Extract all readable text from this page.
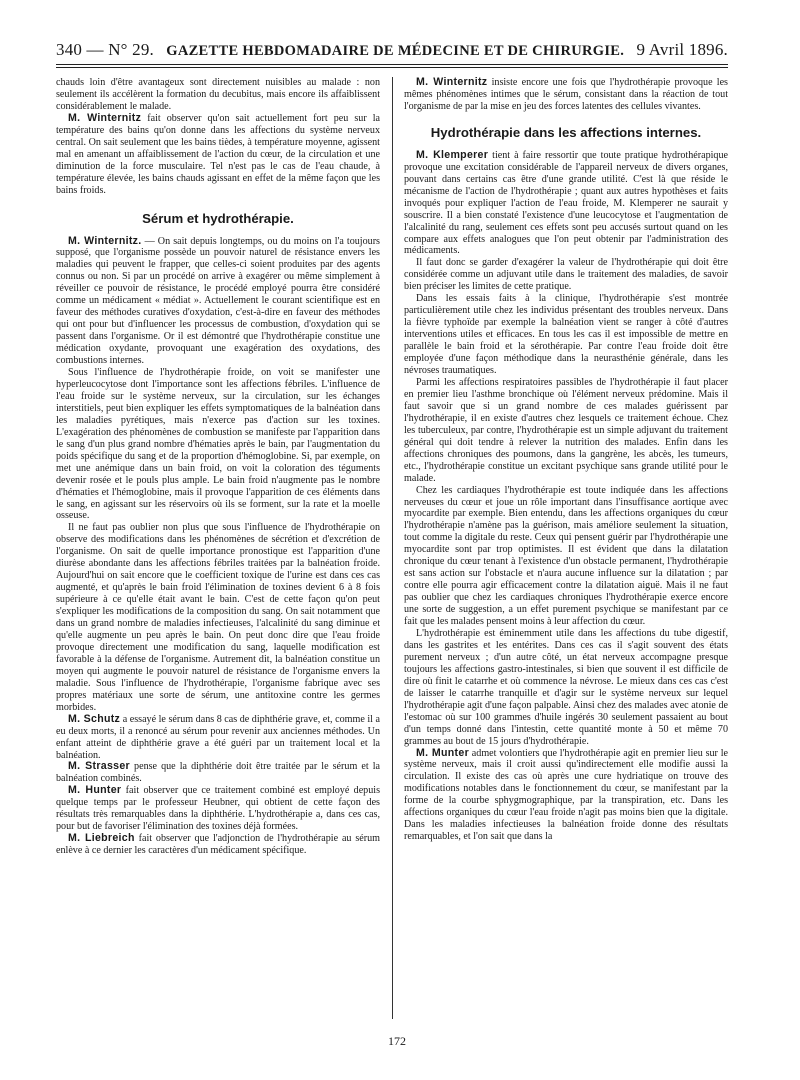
340 — N° 29. GAZETTE HEBDOMADAIRE DE MÉDECINE ET DE CHIRURGIE. 9 Avril 1896.

chauds loin d'être avantageux sont directement nuisibles au malade : non seulement ils accélèrent la formation du decubitus, mais encore ils affaiblissent considérablement le malade.

M. Winternitz fait observer qu'on sait actuellement fort peu sur la température des bains qu'on donne dans les affections du système nerveux central. On sait seulement que les bains tièdes, à température moyenne, agissent mal en amenant un affaiblissement de l'action du cœur, de la circulation et une diminution de la force musculaire. Tel n'est pas le cas de l'eau chaude, à température élevée, les bains chauds agissant en effet de la même façon que les bains froids.

Sérum et hydrothérapie.

M. Winternitz. — On sait depuis longtemps, ou du moins on l'a toujours supposé, que l'organisme possède un pouvoir naturel de résistance envers les maladies qui peuvent le frapper, que celles-ci soient produites par des agents connus ou non. Si par un procédé on arrive à exagérer ou même simplement à réveiller ce pouvoir de résistance, le procédé employé pourra être considéré comme un médicament « médiat ». Actuellement le courant scientifique est en faveur des méthodes curatives d'oxydation, c'est-à-dire en faveur des méthodes qui ont pour but d'influencer les processus de combustion, d'oxydation qui se passent dans l'organisme. Or il est démontré que l'hydrothérapie constitue une médication oxydante, provoquant une exagération des oxydations, des combustions internes.

Sous l'influence de l'hydrothérapie froide, on voit se manifester une hyperleucocytose dont l'importance sont les affections fébriles. L'influence de l'eau froide sur le système nerveux, sur la circulation, sur les échanges interstitiels, peut bien expliquer les effets symptomatiques de la balnéation dans les maladies pyrétiques, mais n'exerce pas d'action sur les toxines. L'exagération des phénomènes de combustion se manifeste par l'apparition dans le sang d'un plus grand nombre d'hématies après le bain, par l'augmentation du poids spécifique du sang et de la proportion d'hémoglobine. Si, par exemple, on met une anémique dans un bain froid, on voit la coloration des téguments devenir rosée et le pouls plus ample. Le bain froid n'augmente pas le nombre d'hématies et l'hémoglobine, mais il provoque l'apparition de ces éléments dans le sang, en agissant sur les réservoirs où ils se forment, sur la rate et la moelle osseuse.

Il ne faut pas oublier non plus que sous l'influence de l'hydrothérapie on observe des modifications dans les phénomènes de sécrétion et d'excrétion de l'organisme. On sait de quelle importance pronostique est l'apparition d'une diurèse abondante dans les affections fébriles traitées par la balnéation froide. Aujourd'hui on sait encore que le coefficient toxique de l'urine est dans ces cas augmenté, et qu'après le bain froid l'élimination de toxines devient 6 à 8 fois supérieure à ce qu'elle était avant le bain. C'est de cette façon qu'on peut s'expliquer les modifications de la composition du sang. On sait notamment que dans un grand nombre de maladies infectieuses, l'alcalinité du sang diminue et qu'elle augmente un peu après le bain. On peut donc dire que l'eau froide provoque directement une modification du sang, laquelle modification est favorable à la défense de l'organisme. Autrement dit, la balnéation constitue un moyen qui augmente le pouvoir naturel de résistance de l'organisme envers la maladie. Sous l'influence de l'hydrothérapie, l'organisme fabrique avec ses propres matériaux une sorte de sérum, une antitoxine contre les germes morbides.

M. Schutz a essayé le sérum dans 8 cas de diphthérie grave, et, comme il a eu deux morts, il a renoncé au sérum pour revenir aux anciennes méthodes. Un enfant atteint de diphthérie grave a été guéri par un traitement local et la balnéation.

M. Strasser pense que la diphthérie doit être traitée par le sérum et la balnéation combinés.

M. Hunter fait observer que ce traitement combiné est employé depuis quelque temps par le professeur Heubner, qui obtient de cette façon des résultats très remarquables dans la diphthérie. L'hydrothérapie a, dans ces cas, pour but de favoriser l'élimination des toxines déjà formées.

M. Liebreich fait observer que l'adjonction de l'hydrothérapie au sérum enlève à ce dernier les caractères d'un médicament spécifique.

M. Winternitz insiste encore une fois que l'hydrothérapie provoque les mêmes phénomènes intimes que le sérum, consistant dans la réaction de tout l'organisme de par la mise en jeu des forces latentes des cellules vivantes.

Hydrothérapie dans les affections internes.

M. Klemperer tient à faire ressortir que toute pratique hydrothérapique provoque une excitation considérable de l'appareil nerveux de divers organes, pouvant dans certains cas être d'une grande utilité. C'est là que réside le mécanisme de l'action de l'hydrothérapie ; quant aux autres hypothèses et faits invoqués pour expliquer l'action de l'eau froide, M. Klemperer ne saurait y souscrire. Il a bien constaté l'existence d'une leucocytose et l'augmentation de l'alcalinité du rang, seulement ces effets sont peu accusés surtout quand on les compare aux effets analogues que l'on peut obtenir par l'administration des médicaments.

Il faut donc se garder d'exagérer la valeur de l'hydrothérapie qui doit être considérée comme un adjuvant utile dans le traitement des maladies, de savoir bien préciser les limites de cette pratique.

Dans les essais faits à la clinique, l'hydrothérapie s'est montrée particulièrement utile chez les individus présentant des troubles nerveux. Dans la fièvre typhoïde par exemple la balnéation vient se ranger à côté d'autres interventions utiles et efficaces. En tous les cas il est impossible de mettre en parallèle le bain froid et la sérothérapie. Par contre l'eau froide doit être employée d'une façon méthodique dans la neurasthénie générale, dans les névroses traumatiques.

Parmi les affections respiratoires passibles de l'hydrothérapie il faut placer en premier lieu l'asthme bronchique où l'élément nerveux prédomine. Mais il faut savoir que si un grand nombre de ces malades guérissent par l'hydrothérapie, il en existe d'autres chez lesquels ce traitement échoue. Chez les tuberculeux, par contre, l'hydrothérapie est un simple adjuvant du traitement général qui doit tendre à relever la nutrition des malades. Enfin dans les affections chroniques des poumons, dans la gangrène, les abcès, les tumeurs, etc., l'hydrothérapie constitue un excitant psychique sans grande utilité pour le malade.

Chez les cardiaques l'hydrothérapie est toute indiquée dans les affections nerveuses du cœur et joue un rôle important dans l'insuffisance aortique avec myocardite par exemple. Bien entendu, dans les affections organiques du cœur l'hydrothérapie n'amène pas la guérison, mais améliore seulement la situation, tout comme la digitale du reste. Ceux qui pensent guérir par l'hydrothérapie une myocardite sont par trop optimistes. Il est évident que dans la dilatation chronique du cœur tenant à l'existence d'un obstacle permanent, l'hydrothérapie est sans action sur l'obstacle et n'aura aucune influence sur la dilatation ; par contre elle pourra agir efficacement contre la dilatation aiguë. Mais il ne faut pas oublier que chez les cardiaques chroniques l'hydrothérapie exerce encore une sorte de suggestion, a un effet purement psychique se manifestant par ce fait que les malades pensent moins à leur affection du cœur.

L'hydrothérapie est éminemment utile dans les affections du tube digestif, dans les gastrites et les entérites. Dans ces cas il s'agit souvent des états purement nerveux ; d'un autre côté, un état nerveux accompagne presque toujours les affections gastro-intestinales, si bien que souvent il est difficile de dire où finit le catarrhe et où commence la névrose. Le mieux dans ces cas c'est de laisser le catarrhe tranquille et d'agir sur le système nerveux sur lequel l'hydrothérapie agit d'une façon palpable. Ainsi chez des malades avec atonie de l'estomac où sur 100 grammes d'huile ingérés 30 seulement passaient au bout d'un temps donné dans l'intestin, cette quantité monte à 50 et même 70 grammes au bout de 15 jours d'hydrothérapie.

M. Munter admet volontiers que l'hydrothérapie agit en premier lieu sur le système nerveux, mais il croit aussi qu'indirectement elle modifie aussi la circulation. Il existe des cas où après une cure hydriatique on trouve des modifications notables dans le fonctionnement du cœur, se manifestant par la forme de la courbe sphygmographique, par la transpiration, etc. Dans les affections organiques du cœur l'eau froide n'agit pas moins bien que la digitale. Dans les maladies infectieuses la balnéation froide donne des résultats remarquables, et l'on sait que dans la

172
